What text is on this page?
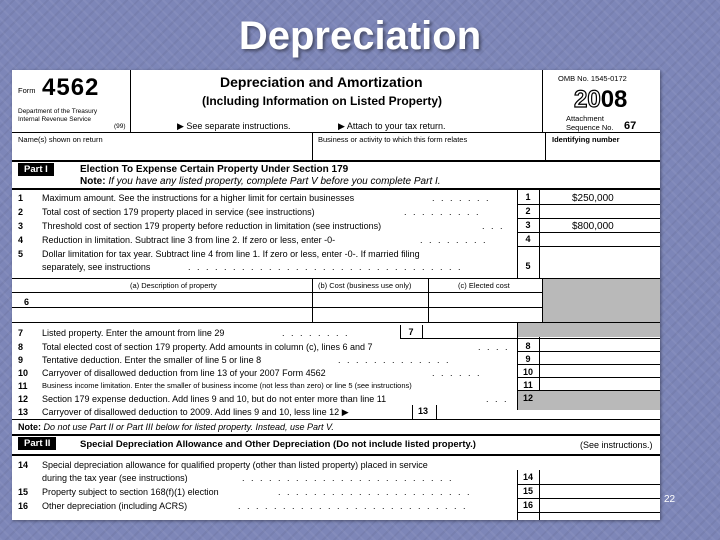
Depreciation
Form 4562
Department of the Treasury
Internal Revenue Service
(99)
Depreciation and Amortization
(Including Information on Listed Property)
▶ See separate instructions.	▶ Attach to your tax return.
OMB No. 1545-0172
2008
Attachment
Sequence No. 67
Name(s) shown on return	Business or activity to which this form relates	Identifying number
Part I	Election To Expense Certain Property Under Section 179
Note: If you have any listed property, complete Part V before you complete Part I.
1 Maximum amount. See the instructions for a higher limit for certain businesses	. . . . . . .	1	$250,000
2 Total cost of section 179 property placed in service (see instructions)	. . . . . . . . .	2
3 Threshold cost of section 179 property before reduction in limitation (see instructions)	. . .	3	$800,000
4 Reduction in limitation. Subtract line 3 from line 2. If zero or less, enter -0-	. . . . . . . .	4
5 Dollar limitation for tax year. Subtract line 4 from line 1. If zero or less, enter -0-. If married filing
separately, see instructions	. . . . . . . . . . . . . . . . . . . . . . . . . . . . . . .	5
(a) Description of property	(b) Cost (business use only)	(c) Elected cost
6
7 Listed property. Enter the amount from line 29	. . . . . . . .	7
8 Total elected cost of section 179 property. Add amounts in column (c), lines 6 and 7	. . . .	8
9 Tentative deduction. Enter the smaller of line 5 or line 8	. . . . . . . . . . . . .	9
10 Carryover of disallowed deduction from line 13 of your 2007 Form 4562	. . . . . .	10
11 Business income limitation. Enter the smaller of business income (not less than zero) or line 5 (see instructions)	11
12 Section 179 expense deduction. Add lines 9 and 10, but do not enter more than line 11	. . .	12
13 Carryover of disallowed deduction to 2009. Add lines 9 and 10, less line 12 ▶	13
Note: Do not use Part II or Part III below for listed property. Instead, use Part V.
Part II	Special Depreciation Allowance and Other Depreciation (Do not include listed property.)	(See instructions.)
14 Special depreciation allowance for qualified property (other than listed property) placed in service
during the tax year (see instructions)	. . . . . . . . . . . . . . . . . . . . . . . .	14
15 Property subject to section 168(f)(1) election	. . . . . . . . . . . . . . . . . . . . . .	15
16 Other depreciation (including ACRS)	. . . . . . . . . . . . . . . . . . . . . . . . . .	16	22
